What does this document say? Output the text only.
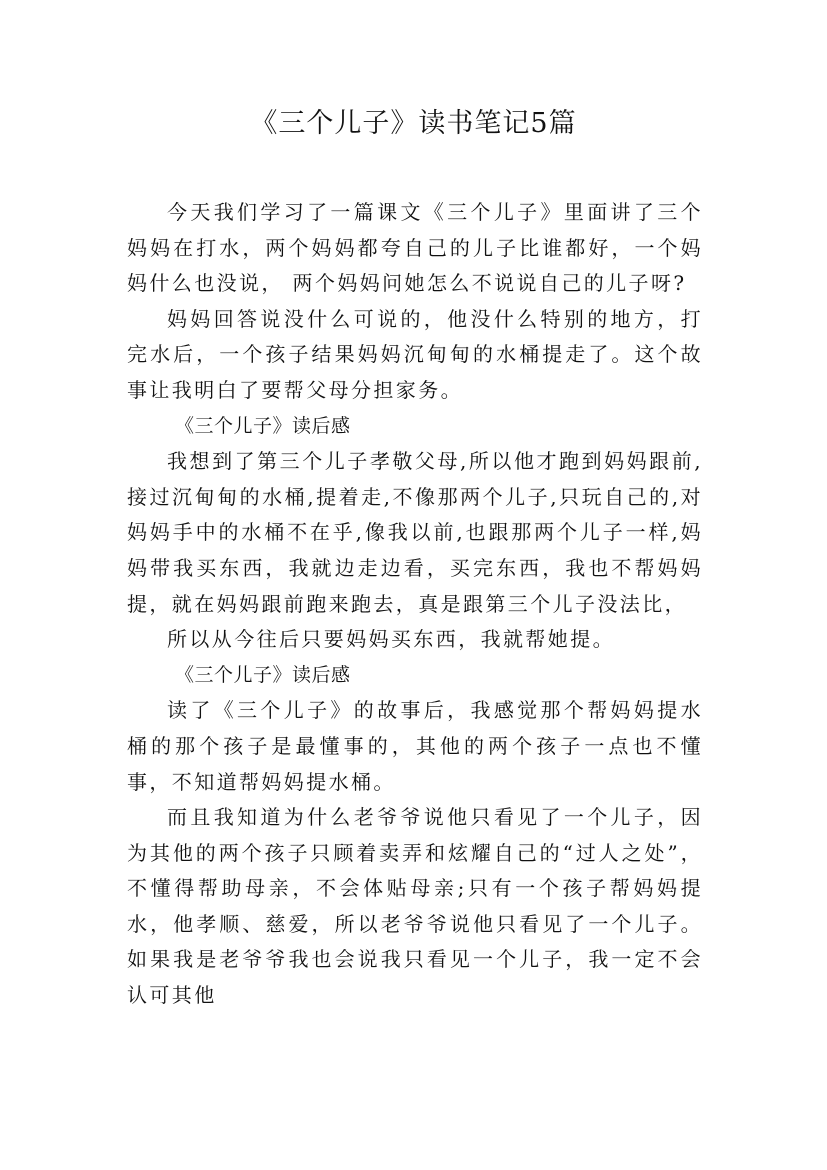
《三个儿子》读书笔记5篇

今天我们学习了一篇课文《三个儿子》里面讲了三个妈妈在打水，两个妈妈都夸自己的儿子比谁都好，一个妈妈什么也没说， 两个妈妈问她怎么不说说自己的儿子呀?

妈妈回答说没什么可说的，他没什么特别的地方，打完水后，一个孩子结果妈妈沉甸甸的水桶提走了。这个故事让我明白了要帮父母分担家务。

《三个儿子》读后感

我想到了第三个儿子孝敬父母,所以他才跑到妈妈跟前,接过沉甸甸的水桶,提着走,不像那两个儿子,只玩自己的,对妈妈手中的水桶不在乎,像我以前,也跟那两个儿子一样,妈妈带我买东西，我就边走边看，买完东西，我也不帮妈妈提，就在妈妈跟前跑来跑去，真是跟第三个儿子没法比，

所以从今往后只要妈妈买东西，我就帮她提。

《三个儿子》读后感

读了《三个儿子》的故事后，我感觉那个帮妈妈提水桶的那个孩子是最懂事的，其他的两个孩子一点也不懂事，不知道帮妈妈提水桶。

而且我知道为什么老爷爷说他只看见了一个儿子，因为其他的两个孩子只顾着卖弄和炫耀自己的“过人之处”，不懂得帮助母亲，不会体贴母亲;只有一个孩子帮妈妈提水，他孝顺、慈爱，所以老爷爷说他只看见了一个儿子。如果我是老爷爷我也会说我只看见一个儿子，我一定不会认可其他
